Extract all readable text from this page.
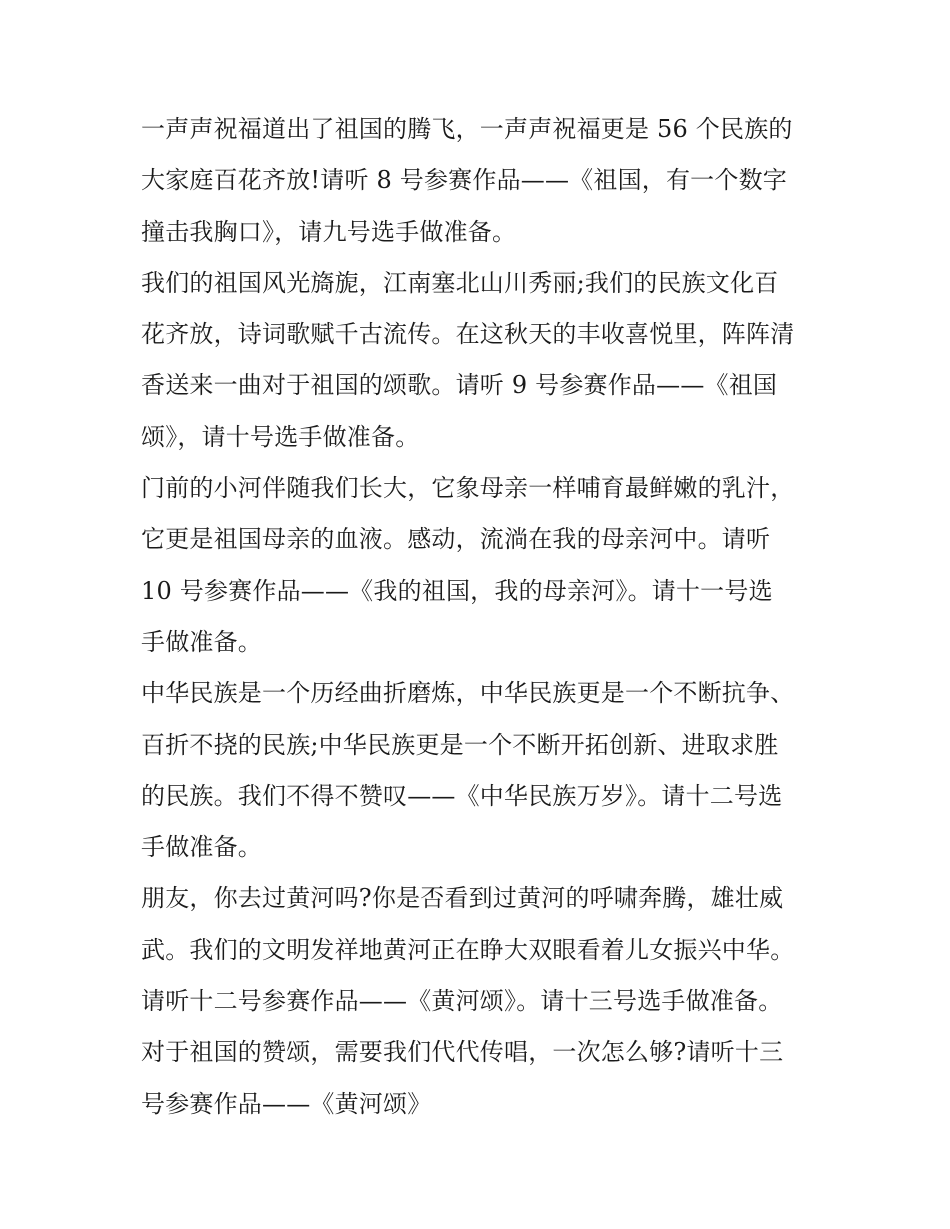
一声声祝福道出了祖国的腾飞，一声声祝福更是 56 个民族的
大家庭百花齐放!请听 8 号参赛作品——《祖国，有一个数字
撞击我胸口》，请九号选手做准备。
我们的祖国风光旖旎，江南塞北山川秀丽;我们的民族文化百
花齐放，诗词歌赋千古流传。在这秋天的丰收喜悦里，阵阵清
香送来一曲对于祖国的颂歌。请听 9 号参赛作品——《祖国
颂》，请十号选手做准备。
门前的小河伴随我们长大，它象母亲一样哺育最鲜嫩的乳汁，
它更是祖国母亲的血液。感动，流淌在我的母亲河中。请听
10 号参赛作品——《我的祖国，我的母亲河》。请十一号选
手做准备。
中华民族是一个历经曲折磨炼，中华民族更是一个不断抗争、
百折不挠的民族;中华民族更是一个不断开拓创新、进取求胜
的民族。我们不得不赞叹——《中华民族万岁》。请十二号选
手做准备。
朋友，你去过黄河吗?你是否看到过黄河的呼啸奔腾，雄壮威
武。我们的文明发祥地黄河正在睁大双眼看着儿女振兴中华。
请听十二号参赛作品——《黄河颂》。请十三号选手做准备。
对于祖国的赞颂，需要我们代代传唱，一次怎么够?请听十三
号参赛作品——《黄河颂》
